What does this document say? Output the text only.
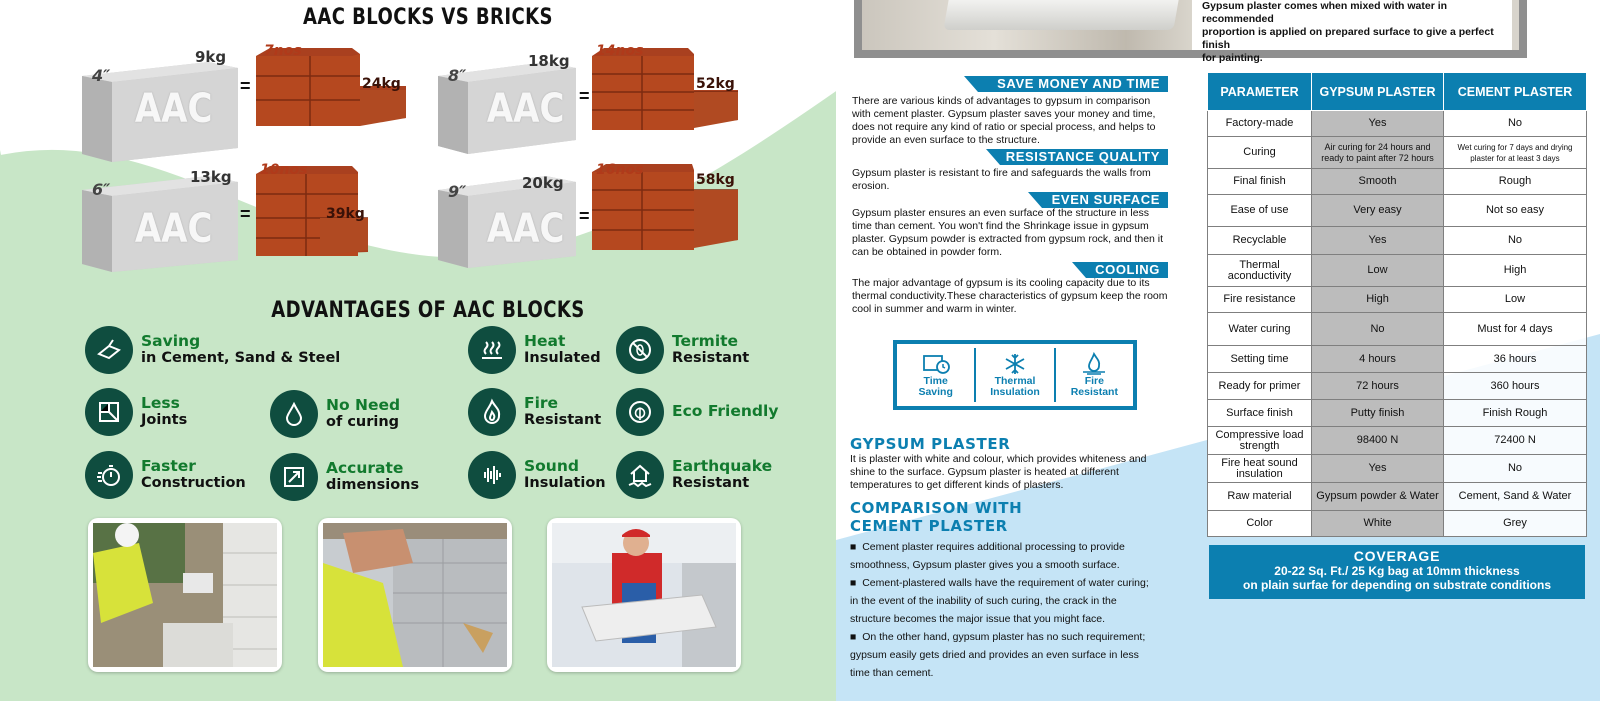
AAC BLOCKS VS BRICKS
AAC
4″
9kg
=
7nos
24kg
AAC
8″
18kg
=
14nos
52kg
AAC
6″
13kg
=
10nos
39kg	AAC
9″	20kg
=
16nos
58kg
ADVANTAGES OF AAC BLOCKS
Saving
in Cement, Sand & Steel
Heat
Insulated
Termite
Resistant
Less
Joints
No Need
of curing
Fire
Resistant
Eco Friendly
Faster
Construction
Accurate
dimensions
Sound
Insulation
Earthquake
Resistant
Gypsum plaster comes when mixed with water in recommended
proportion is applied on prepared surface to give a perfect finish
for painting.
SAVE MONEY AND TIME
There are various kinds of advantages to gypsum in comparison with cement plaster. Gypsum plaster saves your money and time, does not require any kind of ratio or special process, and helps to provide an even surface to the structure.
RESISTANCE QUALITY
Gypsum plaster is resistant to fire and safeguards the walls from erosion.
EVEN SURFACE
Gypsum plaster ensures an even surface of the structure in less time than cement. You won't find the Shrinkage issue in gypsum plaster. Gypsum powder is extracted from gypsum rock, and then it can be obtained in powder form.
COOLING
The major advantage of gypsum is its cooling capacity due to its thermal conductivity.These characteristics of gypsum keep the room cool in summer and warm in winter.
Time
Saving
Thermal
Insulation
Fire
Resistant
GYPSUM PLASTER
It is plaster with white and colour, which provides whiteness and shine to the surface. Gypsum plaster is heated at different temperatures to get different kinds of plasters.
COMPARISON WITH
CEMENT PLASTER
■  Cement plaster requires additional processing to provide smoothness, Gypsum plaster gives you a smooth surface.
■  Cement-plastered walls have the requirement of water curing; in the event of the inability of such curing, the crack in the structure becomes the major issue that you might face.
■  On the other hand, gypsum plaster has no such requirement; gypsum easily gets dried and provides an even surface in less time than cement.
PARAMETER	GYPSUM PLASTER	CEMENT PLASTER
Factory-made	Yes	No
Curing	Air curing for 24 hours and ready to paint after 72 hours	Wet curing for 7 days and drying plaster for at least 3 days
Final finish	Smooth	Rough
Ease of use	Very easy	Not so easy
Recyclable	Yes	No
Thermal aconductivity	Low	High
Fire resistance	High	Low
Water curing	No	Must for 4 days
Setting time	4 hours	36 hours
Ready for primer	72 hours	360 hours
Surface finish	Putty finish	Finish Rough
Compressive load strength	98400 N	72400 N
Fire heat sound insulation	Yes	No
Raw material	Gypsum powder & Water	Cement, Sand & Water
Color	White	Grey
COVERAGE
20-22 Sq. Ft./ 25 Kg bag at 10mm thickness
on plain surfae for depending on substrate conditions
